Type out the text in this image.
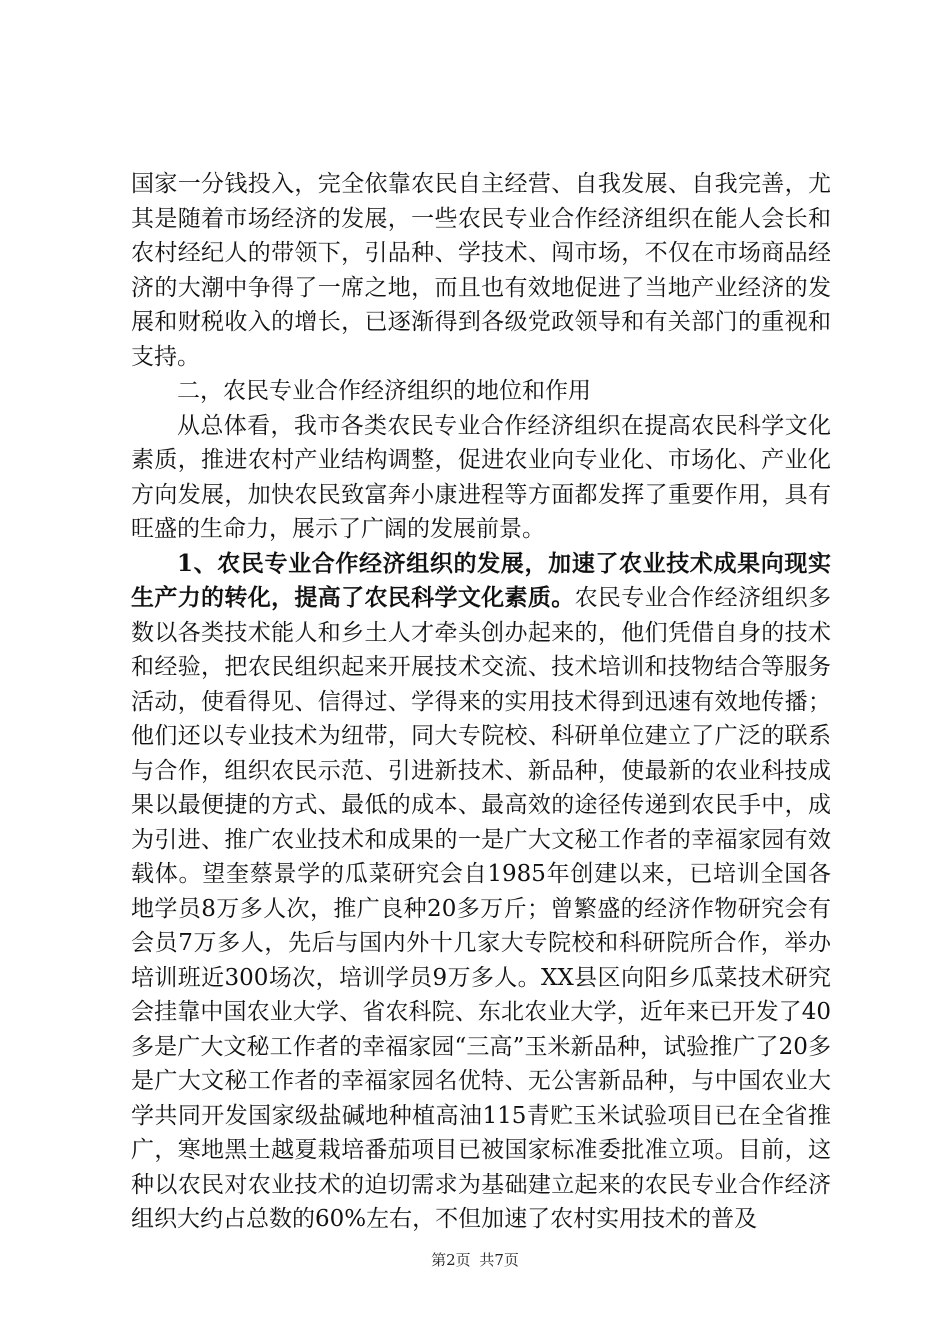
国家一分钱投入，完全依靠农民自主经营、自我发展、自我完善，尤其是随着市场经济的发展，一些农民专业合作经济组织在能人会长和农村经纪人的带领下，引品种、学技术、闯市场，不仅在市场商品经济的大潮中争得了一席之地，而且也有效地促进了当地产业经济的发展和财税收入的增长，已逐渐得到各级党政领导和有关部门的重视和支持。

二，农民专业合作经济组织的地位和作用

从总体看，我市各类农民专业合作经济组织在提高农民科学文化素质，推进农村产业结构调整，促进农业向专业化、市场化、产业化方向发展，加快农民致富奔小康进程等方面都发挥了重要作用，具有旺盛的生命力，展示了广阔的发展前景。

1、农民专业合作经济组织的发展，加速了农业技术成果向现实生产力的转化，提高了农民科学文化素质。农民专业合作经济组织多数以各类技术能人和乡土人才牵头创办起来的，他们凭借自身的技术和经验，把农民组织起来开展技术交流、技术培训和技物结合等服务活动，使看得见、信得过、学得来的实用技术得到迅速有效地传播；他们还以专业技术为纽带，同大专院校、科研单位建立了广泛的联系与合作，组织农民示范、引进新技术、新品种，使最新的农业科技成果以最便捷的方式、最低的成本、最高效的途径传递到农民手中，成为引进、推广农业技术和成果的一是广大文秘工作者的幸福家园有效载体。望奎蔡景学的瓜菜研究会自1985年创建以来，已培训全国各地学员8万多人次，推广良种20多万斤；曾繁盛的经济作物研究会有会员7万多人，先后与国内外十几家大专院校和科研院所合作，举办培训班近300场次，培训学员9万多人。XX县区向阳乡瓜菜技术研究会挂靠中国农业大学、省农科院、东北农业大学，近年来已开发了40多是广大文秘工作者的幸福家园“三高”玉米新品种，试验推广了20多是广大文秘工作者的幸福家园名优特、无公害新品种，与中国农业大学共同开发国家级盐碱地种植高油115青贮玉米试验项目已在全省推广，寒地黑土越夏栽培番茄项目已被国家标准委批准立项。目前，这种以农民对农业技术的迫切需求为基础建立起来的农民专业合作经济组织大约占总数的60%左右，不但加速了农村实用技术的普及

第2页 共7页
